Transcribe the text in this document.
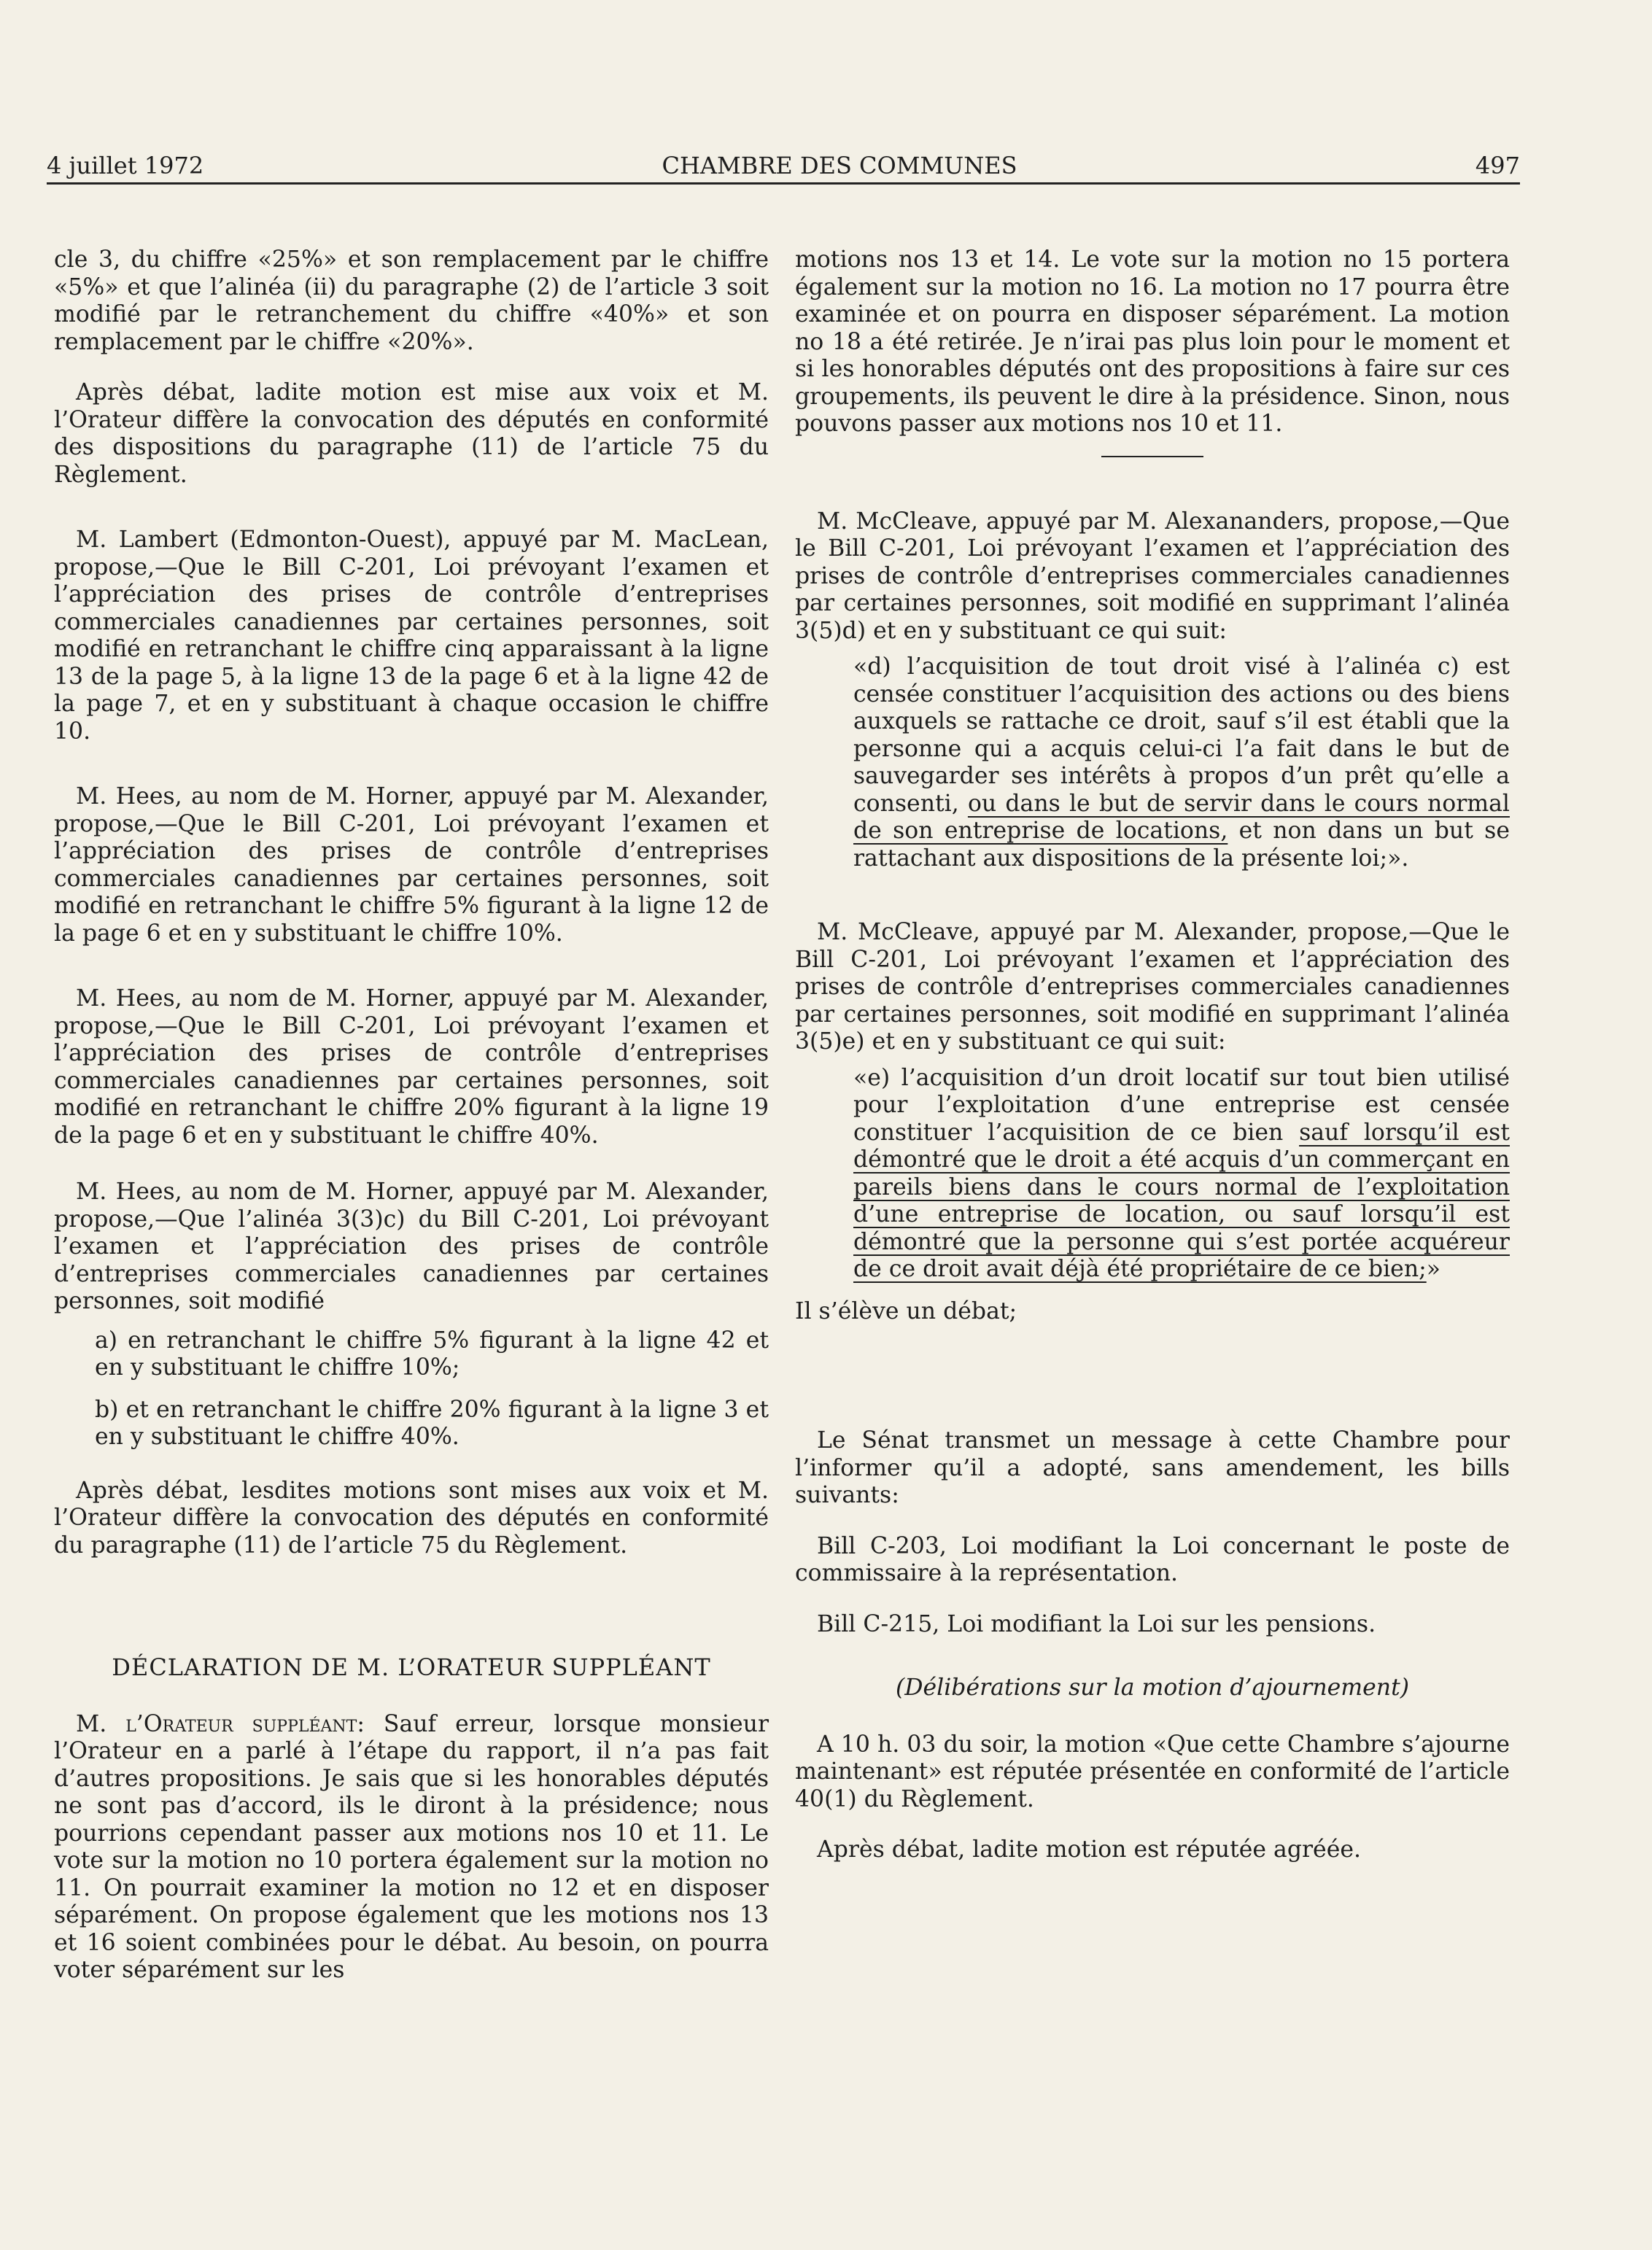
4 juillet 1972	CHAMBRE DES COMMUNES	497

cle 3, du chiffre «25%» et son remplacement par le chiffre «5%» et que l’alinéa (ii) du paragraphe (2) de l’article 3 soit modifié par le retranchement du chiffre «40%» et son remplacement par le chiffre «20%».

Après débat, ladite motion est mise aux voix et M. l’Orateur diffère la convocation des députés en conformité des dispositions du paragraphe (11) de l’article 75 du Règlement.

M. Lambert (Edmonton-Ouest), appuyé par M. MacLean, propose,—Que le Bill C-201, Loi prévoyant l’examen et l’appréciation des prises de contrôle d’entreprises commerciales canadiennes par certaines personnes, soit modifié en retranchant le chiffre cinq apparaissant à la ligne 13 de la page 5, à la ligne 13 de la page 6 et à la ligne 42 de la page 7, et en y substituant à chaque occasion le chiffre 10.

M. Hees, au nom de M. Horner, appuyé par M. Alexander, propose,—Que le Bill C-201, Loi prévoyant l’examen et l’appréciation des prises de contrôle d’entreprises commerciales canadiennes par certaines personnes, soit modifié en retranchant le chiffre 5% figurant à la ligne 12 de la page 6 et en y substituant le chiffre 10%.

M. Hees, au nom de M. Horner, appuyé par M. Alexander, propose,—Que le Bill C-201, Loi prévoyant l’examen et l’appréciation des prises de contrôle d’entreprises commerciales canadiennes par certaines personnes, soit modifié en retranchant le chiffre 20% figurant à la ligne 19 de la page 6 et en y substituant le chiffre 40%.

M. Hees, au nom de M. Horner, appuyé par M. Alexander, propose,—Que l’alinéa 3(3)c) du Bill C-201, Loi prévoyant l’examen et l’appréciation des prises de contrôle d’entreprises commerciales canadiennes par certaines personnes, soit modifié

a) en retranchant le chiffre 5% figurant à la ligne 42 et en y substituant le chiffre 10%;

b) et en retranchant le chiffre 20% figurant à la ligne 3 et en y substituant le chiffre 40%.

Après débat, lesdites motions sont mises aux voix et M. l’Orateur diffère la convocation des députés en conformité du paragraphe (11) de l’article 75 du Règlement.

DÉCLARATION DE M. L’ORATEUR SUPPLÉANT

M. l’Orateur suppléant: Sauf erreur, lorsque monsieur l’Orateur en a parlé à l’étape du rapport, il n’a pas fait d’autres propositions. Je sais que si les honorables députés ne sont pas d’accord, ils le diront à la présidence; nous pourrions cependant passer aux motions nos 10 et 11. Le vote sur la motion no 10 portera également sur la motion no 11. On pourrait examiner la motion no 12 et en disposer séparément. On propose également que les motions nos 13 et 16 soient combinées pour le débat. Au besoin, on pourra voter séparément sur les

motions nos 13 et 14. Le vote sur la motion no 15 portera également sur la motion no 16. La motion no 17 pourra être examinée et on pourra en disposer séparément. La motion no 18 a été retirée. Je n’irai pas plus loin pour le moment et si les honorables députés ont des propositions à faire sur ces groupements, ils peuvent le dire à la présidence. Sinon, nous pouvons passer aux motions nos 10 et 11.

M. McCleave, appuyé par M. Alexananders, propose,—Que le Bill C-201, Loi prévoyant l’examen et l’appréciation des prises de contrôle d’entreprises commerciales canadiennes par certaines personnes, soit modifié en supprimant l’alinéa 3(5)d) et en y substituant ce qui suit:

«d) l’acquisition de tout droit visé à l’alinéa c) est censée constituer l’acquisition des actions ou des biens auxquels se rattache ce droit, sauf s’il est établi que la personne qui a acquis celui-ci l’a fait dans le but de sauvegarder ses intérêts à propos d’un prêt qu’elle a consenti, ou dans le but de servir dans le cours normal de son entreprise de locations, et non dans un but se rattachant aux dispositions de la présente loi;».

M. McCleave, appuyé par M. Alexander, propose,—Que le Bill C-201, Loi prévoyant l’examen et l’appréciation des prises de contrôle d’entreprises commerciales canadiennes par certaines personnes, soit modifié en supprimant l’alinéa 3(5)e) et en y substituant ce qui suit:

«e) l’acquisition d’un droit locatif sur tout bien utilisé pour l’exploitation d’une entreprise est censée constituer l’acquisition de ce bien sauf lorsqu’il est démontré que le droit a été acquis d’un commerçant en pareils biens dans le cours normal de l’exploitation d’une entreprise de location, ou sauf lorsqu’il est démontré que la personne qui s’est portée acquéreur de ce droit avait déjà été propriétaire de ce bien;»

Il s’élève un débat;

Le Sénat transmet un message à cette Chambre pour l’informer qu’il a adopté, sans amendement, les bills suivants:

Bill C-203, Loi modifiant la Loi concernant le poste de commissaire à la représentation.

Bill C-215, Loi modifiant la Loi sur les pensions.

(Délibérations sur la motion d’ajournement)

A 10 h. 03 du soir, la motion «Que cette Chambre s’ajourne maintenant» est réputée présentée en conformité de l’article 40(1) du Règlement.

Après débat, ladite motion est réputée agréée.
